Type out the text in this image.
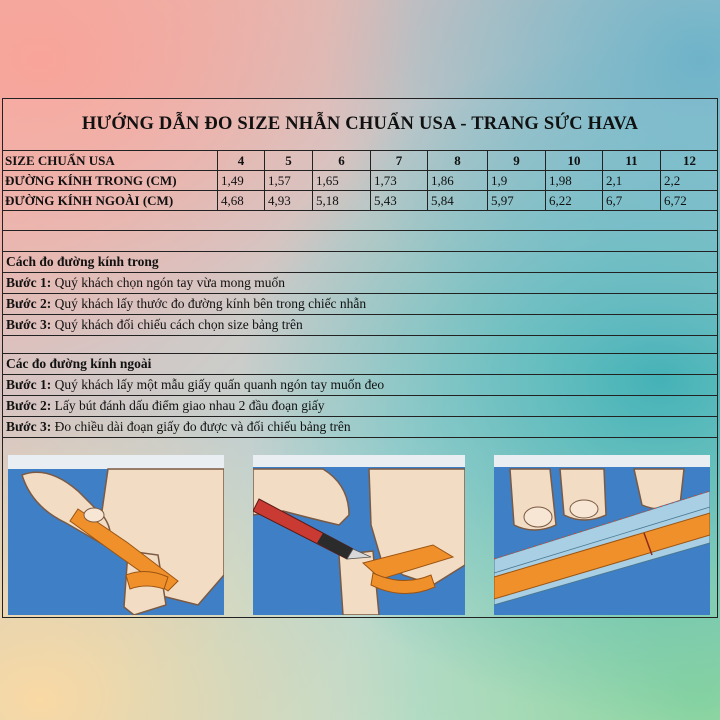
HƯỚNG DẪN ĐO SIZE NHẪN CHUẨN USA - TRANG SỨC HAVA
SIZE CHUẨN USA	4	5	6	7	8	9	10	11	12
ĐƯỜNG KÍNH TRONG (CM)	1,49	1,57	1,65	1,73	1,86	1,9	1,98	2,1	2,2
ĐƯỜNG KÍNH NGOÀI (CM)	4,68	4,93	5,18	5,43	5,84	5,97	6,22	6,7	6,72
Cách đo đường kính trong
Bước 1: Quý khách chọn ngón tay vừa mong muốn
Bước 2: Quý khách lấy thước đo đường kính bên trong chiếc nhẫn
Bước 3: Quý khách đối chiếu cách chọn size bảng trên
Các đo đường kính ngoài
Bước 1: Quý khách lấy một mẫu giấy quấn quanh ngón tay muốn đeo
Bước 2: Lấy bút đánh dấu điểm giao nhau 2 đầu đoạn giấy
Bước 3: Đo chiều dài đoạn giấy đo được và đối chiếu bảng trên
